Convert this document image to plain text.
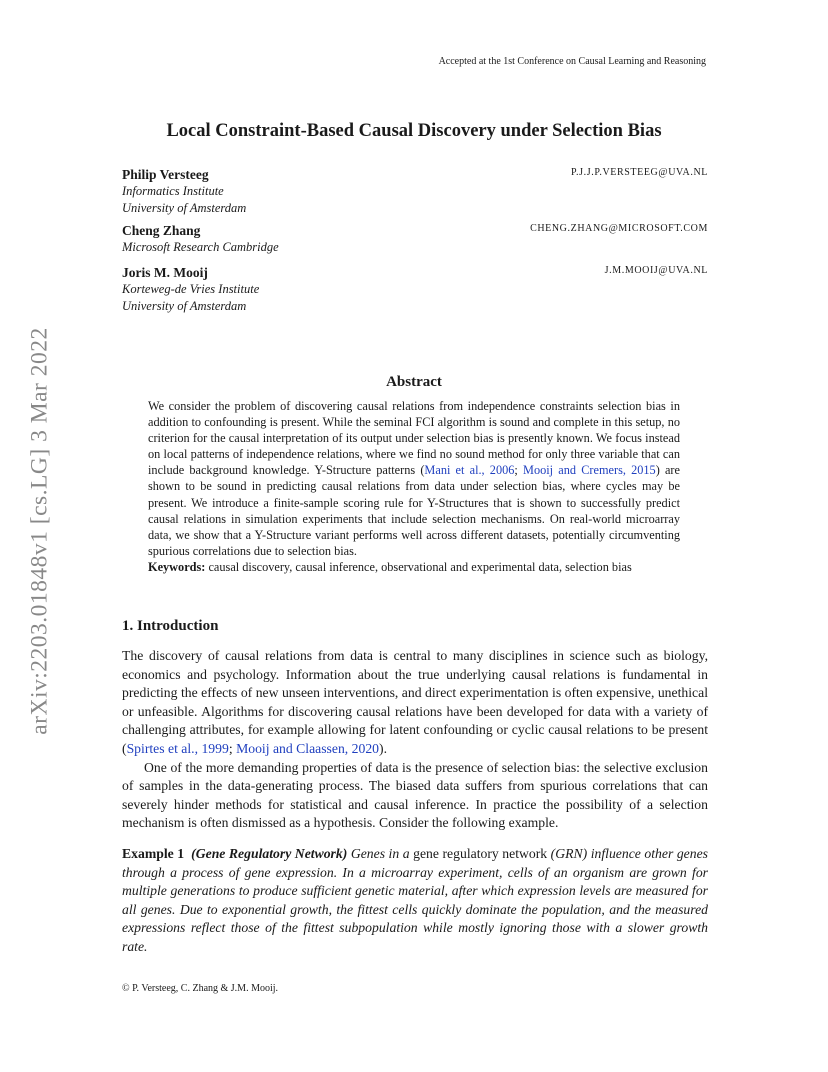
Accepted at the 1st Conference on Causal Learning and Reasoning
Local Constraint-Based Causal Discovery under Selection Bias
Philip Versteeg
Informatics Institute
University of Amsterdam
P.J.J.P.VERSTEEG@UVA.NL
Cheng Zhang
Microsoft Research Cambridge
CHENG.ZHANG@MICROSOFT.COM
Joris M. Mooij
Korteweg-de Vries Institute
University of Amsterdam
J.M.MOOIJ@UVA.NL
arXiv:2203.01848v1 [cs.LG] 3 Mar 2022	Abstract

We consider the problem of discovering causal relations from independence constraints selection bias in addition to confounding is present. While the seminal FCI algorithm is sound and complete in this setup, no criterion for the causal interpretation of its output under selection bias is presently known. We focus instead on local patterns of independence relations, where we find no sound method for only three variable that can include background knowledge. Y-Structure patterns (Mani et al., 2006; Mooij and Cremers, 2015) are shown to be sound in predicting causal relations from data under selection bias, where cycles may be present. We introduce a finite-sample scoring rule for Y-Structures that is shown to successfully predict causal relations in simulation experiments that include selection mechanisms. On real-world microarray data, we show that a Y-Structure variant performs well across different datasets, potentially circumventing spurious correlations due to selection bias.

Keywords: causal discovery, causal inference, observational and experimental data, selection bias

1. Introduction

The discovery of causal relations from data is central to many disciplines in science such as biology, economics and psychology. Information about the true underlying causal relations is fundamental in predicting the effects of new unseen interventions, and direct experimentation is often expensive, unethical or unfeasible. Algorithms for discovering causal relations have been developed for data with a variety of challenging attributes, for example allowing for latent confounding or cyclic causal relations to be present (Spirtes et al., 1999; Mooij and Claassen, 2020).

One of the more demanding properties of data is the presence of selection bias: the selective exclusion of samples in the data-generating process. The biased data suffers from spurious correlations that can severely hinder methods for statistical and causal inference. In practice the possibility of a selection mechanism is often dismissed as a hypothesis. Consider the following example.

Example 1 (Gene Regulatory Network) Genes in a gene regulatory network (GRN) influence other genes through a process of gene expression. In a microarray experiment, cells of an organism are grown for multiple generations to produce sufficient genetic material, after which expression levels are measured for all genes. Due to exponential growth, the fittest cells quickly dominate the population, and the measured expressions reflect those of the fittest subpopulation while mostly ignoring those with a slower growth rate.
© P. Versteeg, C. Zhang & J.M. Mooij.
